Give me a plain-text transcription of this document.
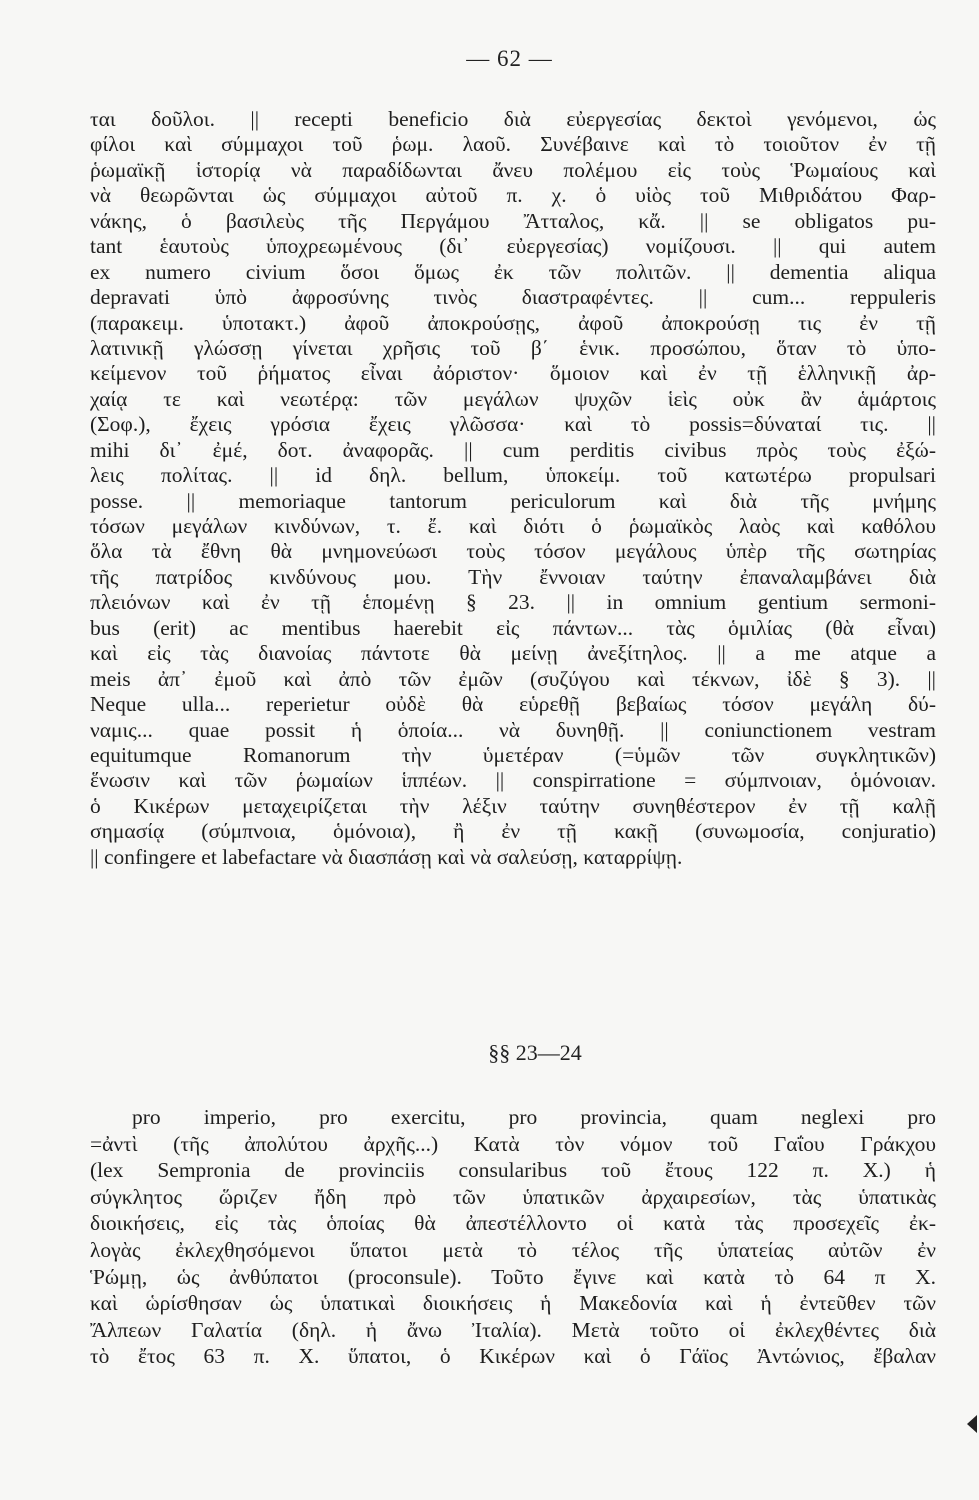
— 62 —
ται δοῦλοι. || recepti beneficio διὰ εὐεργεσίας δεκτοὶ γενόμενοι, ὡς
φίλοι καὶ σύμμαχοι τοῦ ῥωμ. λαοῦ. Συνέβαινε καὶ τὸ τοιοῦτον ἐν τῇ
ῥωμαϊκῇ ἱστορίᾳ νὰ παραδίδωνται ἄνευ πολέμου εἰς τοὺς Ῥωμαίους καὶ
νὰ θεωρῶνται ὡς σύμμαχοι αὐτοῦ π. χ. ὁ υἱὸς τοῦ Μιθριδάτου Φαρ-
νάκης, ὁ βασιλεὺς τῆς Περγάμου Ἄτταλος, κἄ. || se obligatos pu-
tant ἑαυτοὺς ὑποχρεωμένους (δι᾽ εὐεργεσίας) νομίζουσι. || qui autem
ex numero civium ὅσοι ὅμως ἐκ τῶν πολιτῶν. || dementia aliqua
depravati ὑπὸ ἀφροσύνης τινὸς διαστραφέντες. || cum... reppuleris
(παρακειμ. ὑποτακτ.) ἀφοῦ ἀποκρούσῃς, ἀφοῦ ἀποκρούσῃ τις ἐν τῇ
λατινικῇ γλώσσῃ γίνεται χρῆσις τοῦ β΄ ἑνικ. προσώπου, ὅταν τὸ ὑπο-
κείμενον τοῦ ῥήματος εἶναι ἀόριστον· ὅμοιον καὶ ἐν τῇ ἑλληνικῇ ἀρ-
χαίᾳ τε καὶ νεωτέρᾳ: τῶν μεγάλων ψυχῶν ἱεὶς οὐκ ἂν ἁμάρτοις
(Σοφ.), ἔχεις γρόσια ἔχεις γλῶσσα· καὶ τὸ possis=δύναταί τις. ||
mihi δι᾽ ἐμέ, δοτ. ἀναφορᾶς. || cum perditis civibus πρὸς τοὺς ἐξώ-
λεις πολίτας. || id δηλ. bellum, ὑποκείμ. τοῦ κατωτέρω propulsari
posse. || memoriaque tantorum periculorum καὶ διὰ τῆς μνήμης
τόσων μεγάλων κινδύνων, τ. ἔ. καὶ διότι ὁ ῥωμαϊκὸς λαὸς καὶ καθόλου
ὅλα τὰ ἔθνη θὰ μνημονεύωσι τοὺς τόσον μεγάλους ὑπὲρ τῆς σωτηρίας
τῆς πατρίδος κινδύνους μου. Τὴν ἔννοιαν ταύτην ἐπαναλαμβάνει διὰ
πλειόνων καὶ ἐν τῇ ἑπομένῃ § 23. || in omnium gentium sermoni-
bus (erit) ac mentibus haerebit εἰς πάντων... τὰς ὁμιλίας (θὰ εἶναι)
καὶ εἰς τὰς διανοίας πάντοτε θὰ μείνῃ ἀνεξίτηλος. || a me atque a
meis ἀπ᾽ ἐμοῦ καὶ ἀπὸ τῶν ἐμῶν (συζύγου καὶ τέκνων, ἰδὲ § 3). ||
Neque ulla... reperietur οὐδὲ θὰ εὑρεθῇ βεβαίως τόσον μεγάλη δύ-
ναμις... quae possit ἡ ὁποία... νὰ δυνηθῇ. || coniunctionem vestram
equitumque Romanorum τὴν ὑμετέραν (=ὑμῶν τῶν συγκλητικῶν)
ἕνωσιν καὶ τῶν ῥωμαίων ἱππέων. || conspirratione = σύμπνοιαν, ὁμόνοιαν.
ὁ Κικέρων μεταχειρίζεται τὴν λέξιν ταύτην συνηθέστερον ἐν τῇ καλῇ
σημασίᾳ (σύμπνοια, ὁμόνοια), ἢ ἐν τῇ κακῇ (συνωμοσία, conjuratio)
|| confingere et labefactare νὰ διασπάσῃ καὶ νὰ σαλεύσῃ, καταρρίψῃ.
§§ 23—24
pro imperio, pro exercitu, pro provincia, quam neglexi pro
=ἀντὶ (τῆς ἀπολύτου ἀρχῆς...) Κατὰ τὸν νόμον τοῦ Γαΐου Γράκχου
(lex Sempronia de provinciis consularibus τοῦ ἔτους 122 π. Χ.) ἡ
σύγκλητος ὥριζεν ἤδη πρὸ τῶν ὑπατικῶν ἀρχαιρεσίων, τὰς ὑπατικὰς
διοικήσεις, εἰς τὰς ὁποίας θὰ ἀπεστέλλοντο οἱ κατὰ τὰς προσεχεῖς ἐκ-
λογὰς ἐκλεχθησόμενοι ὕπατοι μετὰ τὸ τέλος τῆς ὑπατείας αὐτῶν ἐν
Ῥώμῃ, ὡς ἀνθύπατοι (proconsule). Τοῦτο ἔγινε καὶ κατὰ τὸ 64 π Χ.
καὶ ὡρίσθησαν ὡς ὑπατικαὶ διοικήσεις ἡ Μακεδονία καὶ ἡ ἐντεῦθεν τῶν
Ἄλπεων Γαλατία (δηλ. ἡ ἄνω Ἰταλία). Μετὰ τοῦτο οἱ ἐκλεχθέντες διὰ
τὸ ἔτος 63 π. Χ. ὕπατοι, ὁ Κικέρων καὶ ὁ Γάϊος Ἀντώνιος, ἔβαλαν
